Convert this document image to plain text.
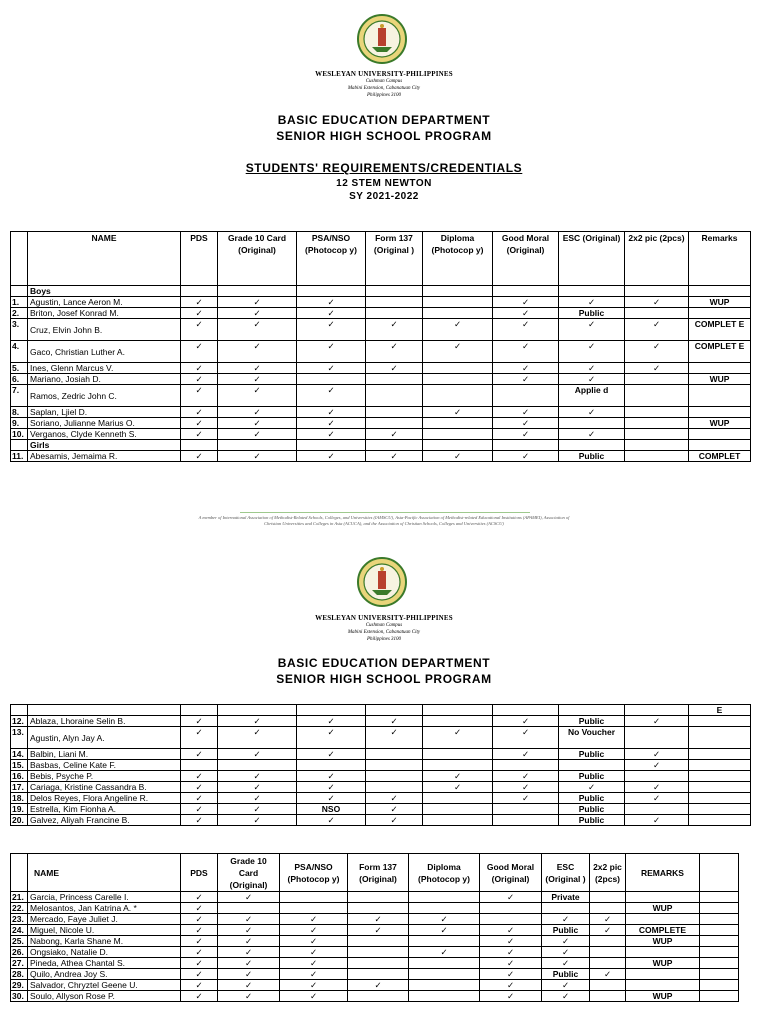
WESLEYAN UNIVERSITY-PHILIPPINES
Cushman Campus
Mabini Extension, Cabanatuan City
Philippines 3100
BASIC EDUCATION DEPARTMENT
SENIOR HIGH SCHOOL PROGRAM
STUDENTS' REQUIREMENTS/CREDENTIALS
12 STEM NEWTON
SY 2021-2022
	NAME	PDS	Grade 10 Card (Original)	PSA/NSO (Photocop y)	Form 137 (Original )	Diploma (Photocop y)	Good Moral (Original)	ESC (Original)	2x2 pic (2pcs)	Remarks
	Boys									
1.	Agustin, Lance Aeron M.	✓	✓	✓			✓	✓	✓	WUP
2.	Briton, Josef Konrad M.	✓	✓	✓			✓	Public		
3.	Cruz, Elvin John B.	✓	✓	✓	✓	✓	✓	✓	✓	COMPLET E
4.	Gaco, Christian Luther A.	✓	✓	✓	✓	✓	✓	✓	✓	COMPLET E
5.	Ines, Glenn Marcus V.	✓	✓	✓	✓		✓	✓	✓	
6.	Mariano, Josiah D.	✓	✓				✓	✓		WUP
7.	Ramos, Zedric John C.	✓	✓	✓				Applie d		
8.	Saplan, Ljiel D.	✓	✓	✓		✓	✓	✓		
9.	Soriano, Julianne Marius O.	✓	✓	✓			✓			WUP
10.	Verganos, Clyde Kenneth S.	✓	✓	✓	✓		✓	✓		
	Girls									
11.	Abesamis, Jemaima R.	✓	✓	✓	✓	✓	✓	Public		COMPLET
A member of International Association of Methodist-Related Schools, Colleges, and Universities (IAMSCU), Asia-Pacific Association of Methodist-related Educational Institutions (APAMEI), Association of Christian Universities and Colleges in Asia (ACUCA), and the Association of Christian Schools, Colleges and Universities (ACSCU)
WESLEYAN UNIVERSITY-PHILIPPINES
Cushman Campus
Mabini Extension, Cabanatuan City
Philippines 3100
BASIC EDUCATION DEPARTMENT
SENIOR HIGH SCHOOL PROGRAM
										E
12.	Ablaza, Lhoraine Selin B.	✓	✓	✓	✓		✓	Public	✓	
13.	Agustin, Alyn Jay A.	✓	✓	✓	✓	✓	✓	No Voucher		
14.	Balbin, Liani M.	✓	✓	✓			✓	Public	✓	
15.	Basbas, Celine Kate F.								✓	
16.	Bebis, Psyche P.	✓	✓	✓		✓	✓	Public		
17.	Cariaga, Kristine Cassandra B.	✓	✓	✓		✓	✓	✓	✓	
18.	Delos Reyes, Flora Angeline R.	✓	✓	✓	✓		✓	Public	✓	
19.	Estrella, Kim Fionha A.	✓	✓	NSO	✓			Public		
20.	Galvez, Aliyah Francine B.	✓	✓	✓	✓			Public	✓	
	NAME	PDS	Grade 10 Card (Original)	PSA/NSO (Photocop y)	Form 137 (Original)	Diploma (Photocop y)	Good Moral (Original)	ESC (Original )	2x2 pic (2pcs)	REMARKS	
21.	Garcia, Princess Carelle I.	✓	✓				✓	Private			
22.	Melosantos, Jan Katrina A. *	✓								WUP	
23.	Mercado, Faye Juliet J.	✓	✓	✓	✓	✓		✓	✓		
24.	Miguel, Nicole U.	✓	✓	✓	✓	✓	✓	Public	✓	COMPLETE	
25.	Nabong, Karla Shane M.	✓	✓	✓			✓	✓		WUP	
26.	Ongsiako, Natalie D.	✓	✓	✓		✓	✓	✓			
27.	Pineda, Athea Chantal S.	✓	✓	✓			✓	✓		WUP	
28.	Quilo, Andrea Joy S.	✓	✓	✓			✓	Public	✓		
29.	Salvador, Chryztel Geene U.	✓	✓	✓	✓		✓	✓			
30.	Soulo, Allyson Rose P.	✓	✓	✓			✓	✓		WUP	
